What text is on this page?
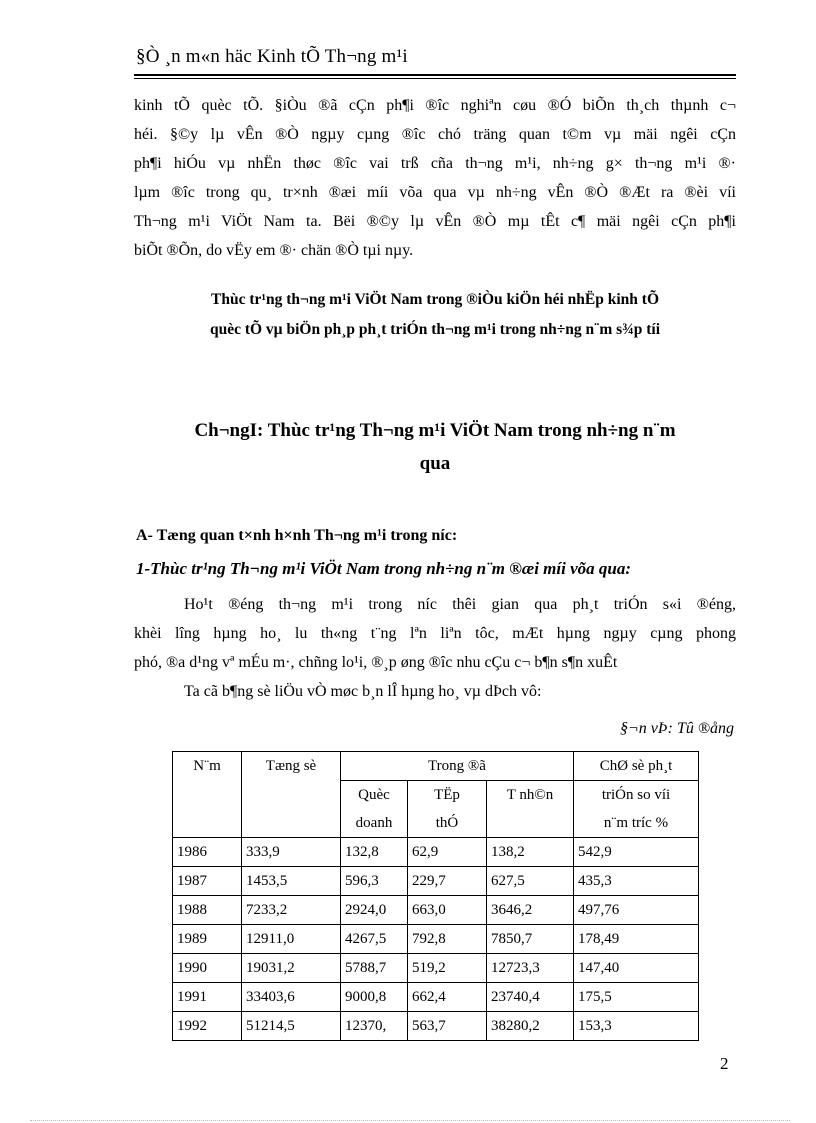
§Ò ¸n m«n häc Kinh tÕ Th¬ng m¹i
kinh tÕ quèc tÕ. §iÒu ®ã cÇn ph¶i ®îc nghiªn cøu ®Ó biÕn th¸ch thµnh c¬
héi. §©y lµ vÊn ®Ò ngµy cµng ®îc chó träng quan t©m vµ mäi ngêi cÇn
ph¶i hiÓu vµ nhËn thøc ®îc vai trß cña th¬ng m¹i, nh÷ng g× th¬ng m¹i ®·
lµm ®îc trong qu¸ tr×nh ®æi míi võa qua vµ nh÷ng vÊn ®Ò ®Æt ra ®èi víi
Th¬ng m¹i ViÖt Nam ta. Bëi ®©y lµ vÊn ®Ò mµ tÊt c¶ mäi ngêi cÇn ph¶i
biÕt ®Õn, do vËy em ®· chän ®Ò tµi nµy.
Thùc tr¹ng th¬ng m¹i ViÖt Nam trong ®iÒu kiÖn héi nhËp kinh tÕ
quèc tÕ vµ biÖn ph¸p ph¸t triÓn th¬ng m¹i trong nh÷ng n¨m s¾p tíi
Ch¬ngI: Thùc tr¹ng Th¬ng m¹i ViÖt Nam trong nh÷ng n¨m
qua
A- Tæng quan t×nh h×nh Th¬ng m¹i trong níc:
1-Thùc tr¹ng Th¬ng m¹i ViÖt Nam trong nh÷ng n¨m ®æi míi võa qua:
Ho¹t ®éng th¬ng m¹i trong níc thêi gian qua ph¸t triÓn s«i ®éng,
khèi lîng hµng ho¸ lu th«ng t¨ng lªn liªn tôc, mÆt hµng ngµy cµng phong
phó, ®a d¹ng vª mÉu m·, chñng lo¹i, ®¸p øng ®îc nhu cÇu c¬ b¶n s¶n xuÊt
Ta cã b¶ng sè liÖu vÒ møc b¸n lÎ hµng ho¸ vµ dÞch vô:
§¬n vÞ: Tû ®ång
N¨m	Tæng sè	Trong ®ã			ChØ sè ph¸t
		Quèc	TËp	T nh©n	triÓn so víi
		doanh	thÓ		n¨m tríc %
1986	333,9	132,8	62,9	138,2	542,9
1987	1453,5	596,3	229,7	627,5	435,3
1988	7233,2	2924,0	663,0	3646,2	497,76
1989	12911,0	4267,5	792,8	7850,7	178,49
1990	19031,2	5788,7	519,2	12723,3	147,40
1991	33403,6	9000,8	662,4	23740,4	175,5
1992	51214,5	12370,	563,7	38280,2	153,3
2
